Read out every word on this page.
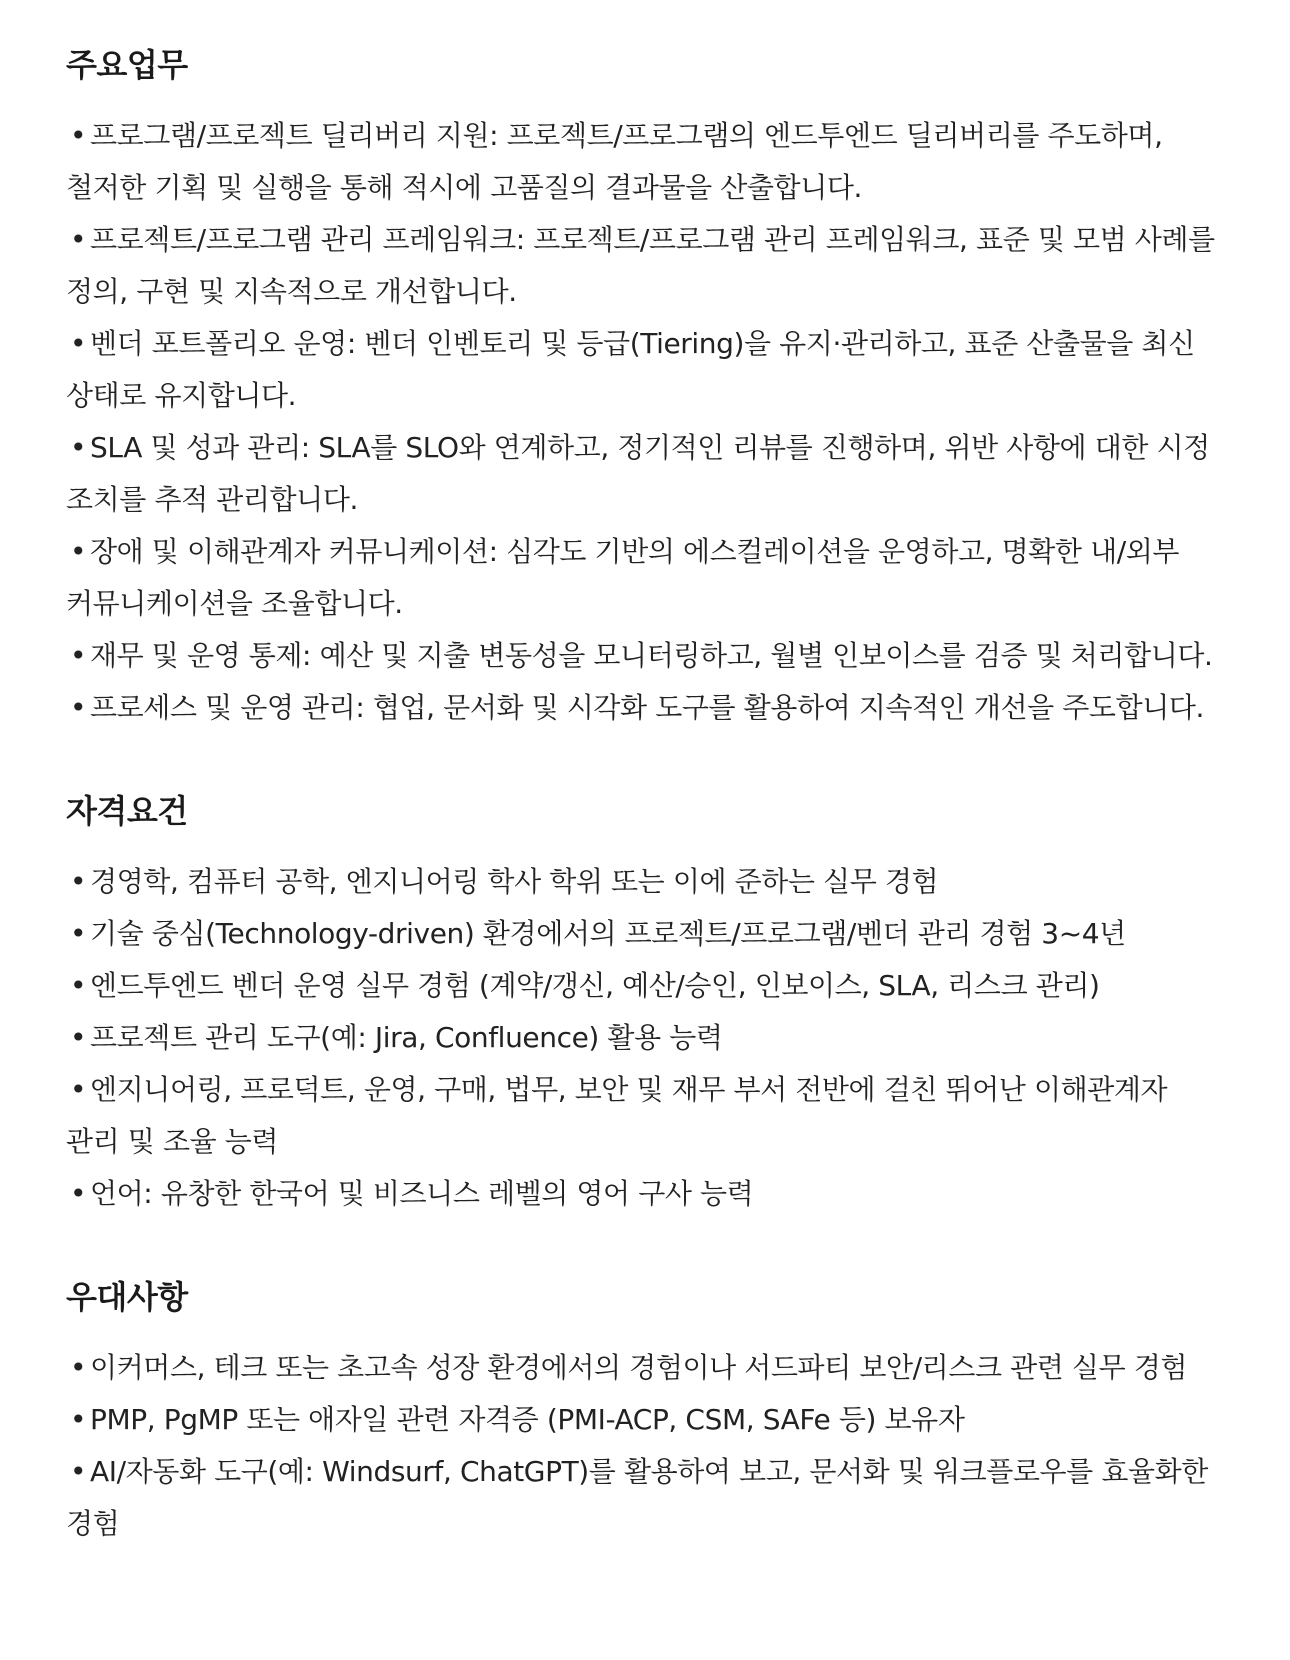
주요업무
• 프로그램/프로젝트 딜리버리 지원: 프로젝트/프로그램의 엔드투엔드 딜리버리를 주도하며, 철저한 기획 및 실행을 통해 적시에 고품질의 결과물을 산출합니다.
• 프로젝트/프로그램 관리 프레임워크: 프로젝트/프로그램 관리 프레임워크, 표준 및 모범 사례를 정의, 구현 및 지속적으로 개선합니다.
• 벤더 포트폴리오 운영: 벤더 인벤토리 및 등급(Tiering)을 유지·관리하고, 표준 산출물을 최신 상태로 유지합니다.
• SLA 및 성과 관리: SLA를 SLO와 연계하고, 정기적인 리뷰를 진행하며, 위반 사항에 대한 시정 조치를 추적 관리합니다.
• 장애 및 이해관계자 커뮤니케이션: 심각도 기반의 에스컬레이션을 운영하고, 명확한 내/외부 커뮤니케이션을 조율합니다.
• 재무 및 운영 통제: 예산 및 지출 변동성을 모니터링하고, 월별 인보이스를 검증 및 처리합니다.
• 프로세스 및 운영 관리: 협업, 문서화 및 시각화 도구를 활용하여 지속적인 개선을 주도합니다.
자격요건
• 경영학, 컴퓨터 공학, 엔지니어링 학사 학위 또는 이에 준하는 실무 경험
• 기술 중심(Technology-driven) 환경에서의 프로젝트/프로그램/벤더 관리 경험 3~4년
• 엔드투엔드 벤더 운영 실무 경험 (계약/갱신, 예산/승인, 인보이스, SLA, 리스크 관리)
• 프로젝트 관리 도구(예: Jira, Confluence) 활용 능력
• 엔지니어링, 프로덕트, 운영, 구매, 법무, 보안 및 재무 부서 전반에 걸친 뛰어난 이해관계자 관리 및 조율 능력
• 언어: 유창한 한국어 및 비즈니스 레벨의 영어 구사 능력
우대사항
• 이커머스, 테크 또는 초고속 성장 환경에서의 경험이나 서드파티 보안/리스크 관련 실무 경험
• PMP, PgMP 또는 애자일 관련 자격증 (PMI-ACP, CSM, SAFe 등) 보유자
• AI/자동화 도구(예: Windsurf, ChatGPT)를 활용하여 보고, 문서화 및 워크플로우를 효율화한 경험
